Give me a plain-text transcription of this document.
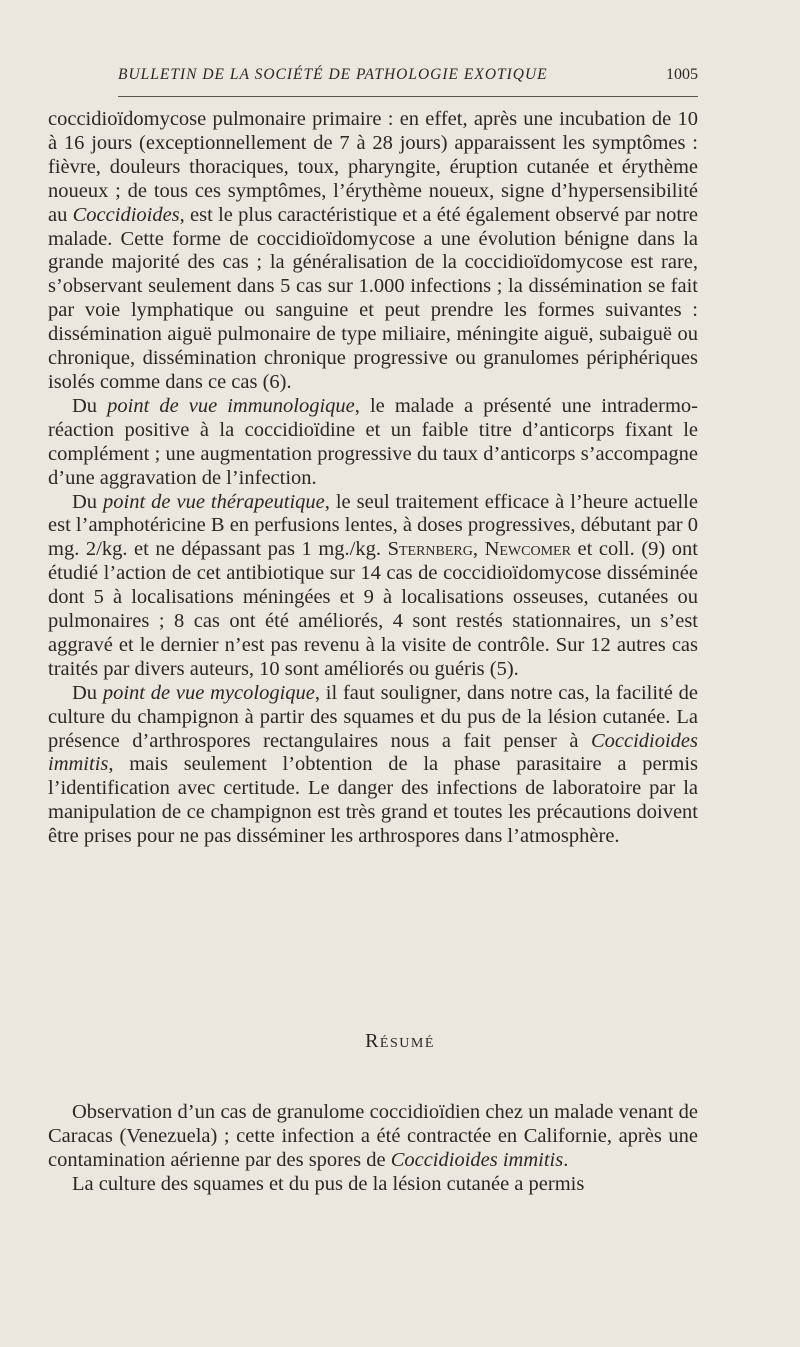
BULLETIN DE LA SOCIÉTÉ DE PATHOLOGIE EXOTIQUE	1005

coccidioïdomycose pulmonaire primaire : en effet, après une incubation de 10 à 16 jours (exceptionnellement de 7 à 28 jours) apparaissent les symptômes : fièvre, douleurs thoraciques, toux, pharyngite, éruption cutanée et érythème noueux ; de tous ces symptômes, l’érythème noueux, signe d’hypersensibilité au Coccidioides, est le plus caractéristique et a été également observé par notre malade. Cette forme de coccidioïdomycose a une évolution bénigne dans la grande majorité des cas ; la généralisation de la coccidioïdomycose est rare, s’observant seulement dans 5 cas sur 1.000 infections ; la dissémination se fait par voie lymphatique ou sanguine et peut prendre les formes suivantes : dissémination aiguë pulmonaire de type miliaire, méningite aiguë, subaiguë ou chronique, dissémination chronique progressive ou granulomes périphériques isolés comme dans ce cas (6).

Du point de vue immunologique, le malade a présenté une intradermo-réaction positive à la coccidioïdine et un faible titre d’anticorps fixant le complément ; une augmentation progressive du taux d’anticorps s’accompagne d’une aggravation de l’infection.

Du point de vue thérapeutique, le seul traitement efficace à l’heure actuelle est l’amphotéricine B en perfusions lentes, à doses progressives, débutant par 0 mg. 2/kg. et ne dépassant pas 1 mg./kg. Sternberg, Newcomer et coll. (9) ont étudié l’action de cet antibiotique sur 14 cas de coccidioïdomycose disséminée dont 5 à localisations méningées et 9 à localisations osseuses, cutanées ou pulmonaires ; 8 cas ont été améliorés, 4 sont restés stationnaires, un s’est aggravé et le dernier n’est pas revenu à la visite de contrôle. Sur 12 autres cas traités par divers auteurs, 10 sont améliorés ou guéris (5).

Du point de vue mycologique, il faut souligner, dans notre cas, la facilité de culture du champignon à partir des squames et du pus de la lésion cutanée. La présence d’arthrospores rectangulaires nous a fait penser à Coccidioides immitis, mais seulement l’obtention de la phase parasitaire a permis l’identification avec certitude. Le danger des infections de laboratoire par la manipulation de ce champignon est très grand et toutes les précautions doivent être prises pour ne pas disséminer les arthrospores dans l’atmosphère.

Résumé

Observation d’un cas de granulome coccidioïdien chez un malade venant de Caracas (Venezuela) ; cette infection a été contractée en Californie, après une contamination aérienne par des spores de Coccidioides immitis.

La culture des squames et du pus de la lésion cutanée a permis
